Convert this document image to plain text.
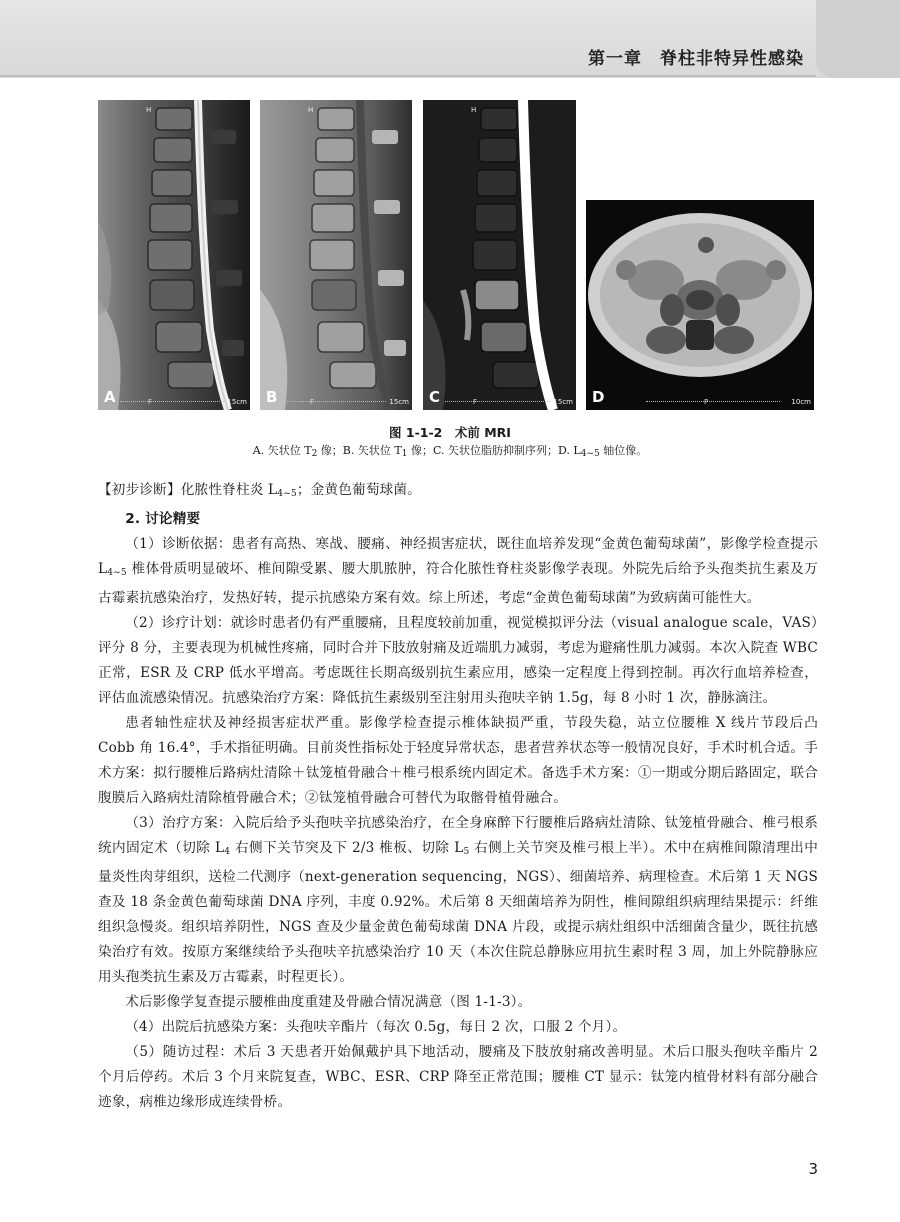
第一章　脊柱非特异性感染
H
F	15cm
A
H
F	15cm
B
H
F	15cm
C	P	10cm
D
图 1-1-2　术前 MRI
A. 矢状位 $T_2$ 像；B. 矢状位 $T_1$ 像；C. 矢状位脂肪抑制序列；D. $L_{4\sim 5}$ 轴位像。

【初步诊断】化脓性脊柱炎 $L_{4\sim 5}$；金黄色葡萄球菌。

2. 讨论精要

（1）诊断依据：患者有高热、寒战、腰痛、神经损害症状，既往血培养发现“金黄色葡萄球菌”，影像学检查提示 $L_{4\sim 5}$ 椎体骨质明显破坏、椎间隙受累、腰大肌脓肿，符合化脓性脊柱炎影像学表现。外院先后给予头孢类抗生素及万古霉素抗感染治疗，发热好转，提示抗感染方案有效。综上所述，考虑“金黄色葡萄球菌”为致病菌可能性大。

（2）诊疗计划：就诊时患者仍有严重腰痛，且程度较前加重，视觉模拟评分法（visual analogue scale，VAS）评分 8 分，主要表现为机械性疼痛，同时合并下肢放射痛及近端肌力减弱，考虑为避痛性肌力减弱。本次入院查 WBC 正常，ESR 及 CRP 低水平增高。考虑既往长期高级别抗生素应用，感染一定程度上得到控制。再次行血培养检查，评估血流感染情况。抗感染治疗方案：降低抗生素级别至注射用头孢呋辛钠 1.5g，每 8 小时 1 次，静脉滴注。

患者轴性症状及神经损害症状严重。影像学检查提示椎体缺损严重，节段失稳，站立位腰椎 X 线片节段后凸 Cobb 角 16.4°，手术指征明确。目前炎性指标处于轻度异常状态，患者营养状态等一般情况良好，手术时机合适。手术方案：拟行腰椎后路病灶清除＋钛笼植骨融合＋椎弓根系统内固定术。备选手术方案：①一期或分期后路固定，联合腹膜后入路病灶清除植骨融合术；②钛笼植骨融合可替代为取髂骨植骨融合。

（3）治疗方案：入院后给予头孢呋辛抗感染治疗，在全身麻醉下行腰椎后路病灶清除、钛笼植骨融合、椎弓根系统内固定术（切除 $L_4$ 右侧下关节突及下 2/3 椎板、切除 $L_5$ 右侧上关节突及椎弓根上半）。术中在病椎间隙清理出中量炎性肉芽组织，送检二代测序（next-generation sequencing，NGS）、细菌培养、病理检查。术后第 1 天 NGS 查及 18 条金黄色葡萄球菌 DNA 序列，丰度 0.92%。术后第 8 天细菌培养为阴性，椎间隙组织病理结果提示：纤维组织急慢炎。组织培养阴性，NGS 查及少量金黄色葡萄球菌 DNA 片段，或提示病灶组织中活细菌含量少，既往抗感染治疗有效。按原方案继续给予头孢呋辛抗感染治疗 10 天（本次住院总静脉应用抗生素时程 3 周，加上外院静脉应用头孢类抗生素及万古霉素，时程更长）。

术后影像学复查提示腰椎曲度重建及骨融合情况满意（图 1-1-3）。

（4）出院后抗感染方案：头孢呋辛酯片（每次 0.5g，每日 2 次，口服 2 个月）。

（5）随访过程：术后 3 天患者开始佩戴护具下地活动，腰痛及下肢放射痛改善明显。术后口服头孢呋辛酯片 2 个月后停药。术后 3 个月来院复查，WBC、ESR、CRP 降至正常范围；腰椎 CT 显示：钛笼内植骨材料有部分融合迹象，病椎边缘形成连续骨桥。

3
